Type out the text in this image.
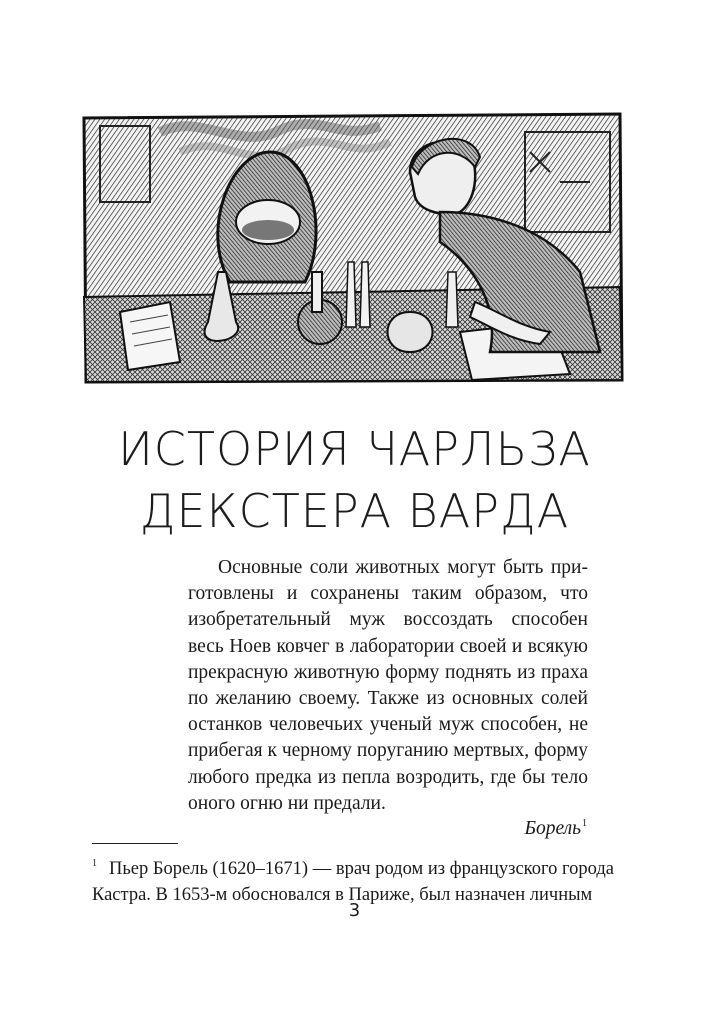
ИСТОРИЯ ЧАРЛЬЗА
ДЕКСТЕРА ВАРДА

Основные соли животных могут быть при-
готовлены и сохранены таким образом, что
изобретательный муж воссоздать способен
весь Ноев ковчег в лаборатории своей и всякую
прекрасную животную форму поднять из праха
по желанию своему. Также из основных солей
останков человечьих ученый муж способен, не
прибегая к черному поруганию мертвых, форму
любого предка из пепла возродить, где бы тело
оного огню ни предали.

Борель$^1$
$^1$ Пьер Борель (1620–1671) — врач родом из французского города
Кастра. В 1653-м обосновался в Париже, был назначен личным
3
